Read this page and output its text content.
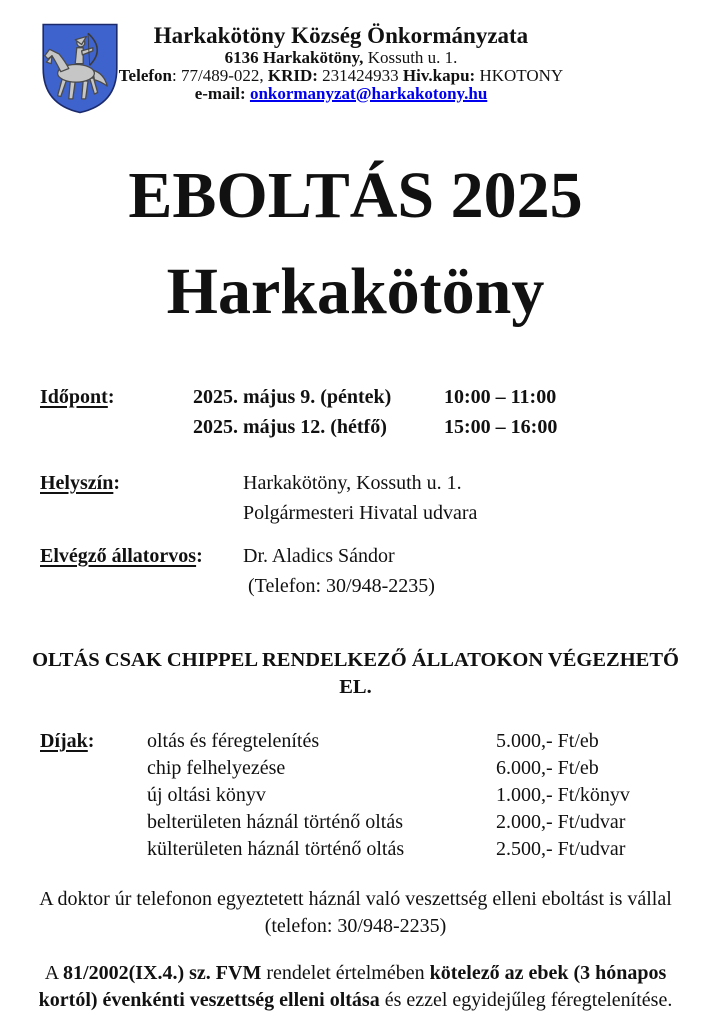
Harkakötöny Község Önkormányzata
6136 Harkakötöny, Kossuth u. 1.
Telefon: 77/489-022, KRID: 231424933 Hiv.kapu: HKOTONY
e-mail: onkormanyzat@harkakotony.hu
EBOLTÁS 2025
Harkakötöny
Időpont:	2025. május 9. (péntek)	10:00 – 11:00
2025. május 12. (hétfő)	15:00 – 16:00
Helyszín:	Harkakötöny, Kossuth u. 1.
Polgármesteri Hivatal udvara
Elvégző állatorvos:	Dr. Aladics Sándor
(Telefon: 30/948-2235)
OLTÁS CSAK CHIPPEL RENDELKEZŐ ÁLLATOKON VÉGEZHETŐ
EL.
Díjak:	oltás és féregtelenítés	5.000,- Ft/eb
chip felhelyezése	6.000,- Ft/eb
új oltási könyv	1.000,- Ft/könyv
belterületen háznál történő oltás	2.000,- Ft/udvar
külterületen háznál történő oltás	2.500,- Ft/udvar
A doktor úr telefonon egyeztetett háznál való veszettség elleni eboltást is vállal
(telefon: 30/948-2235)
A 81/2002(IX.4.) sz. FVM rendelet értelmében kötelező az ebek (3 hónapos
kortól) évenkénti veszettség elleni oltása és ezzel egyidejűleg féregtelenítése.
